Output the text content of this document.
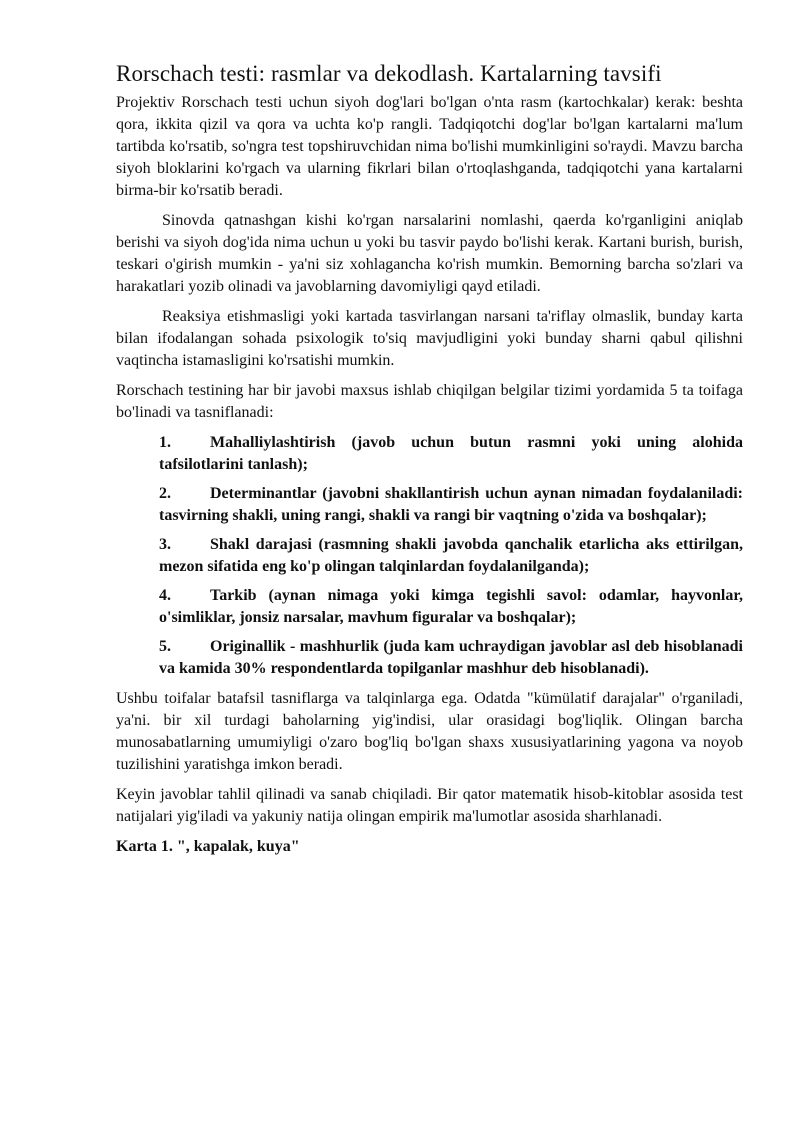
Rorschach testi: rasmlar va dekodlash. Kartalarning tavsifi

Projektiv Rorschach testi uchun siyoh dog'lari bo'lgan o'nta rasm (kartochkalar) kerak: beshta qora, ikkita qizil va qora va uchta ko'p rangli. Tadqiqotchi dog'lar bo'lgan kartalarni ma'lum tartibda ko'rsatib, so'ngra test topshiruvchidan nima bo'lishi mumkinligini so'raydi. Mavzu barcha siyoh bloklarini ko'rgach va ularning fikrlari bilan o'rtoqlashganda, tadqiqotchi yana kartalarni birma-bir ko'rsatib beradi.

Sinovda qatnashgan kishi ko'rgan narsalarini nomlashi, qaerda ko'rganligini aniqlab berishi va siyoh dog'ida nima uchun u yoki bu tasvir paydo bo'lishi kerak. Kartani burish, burish, teskari o'girish mumkin - ya'ni siz xohlagancha ko'rish mumkin. Bemorning barcha so'zlari va harakatlari yozib olinadi va javoblarning davomiyligi qayd etiladi.

Reaksiya etishmasligi yoki kartada tasvirlangan narsani ta'riflay olmaslik, bunday karta bilan ifodalangan sohada psixologik to'siq mavjudligini yoki bunday sharni qabul qilishni vaqtincha istamasligini ko'rsatishi mumkin.

Rorschach testining har bir javobi maxsus ishlab chiqilgan belgilar tizimi yordamida 5 ta toifaga bo'linadi va tasniflanadi:

1. Mahalliylashtirish (javob uchun butun rasmni yoki uning alohida tafsilotlarini tanlash);
2. Determinantlar (javobni shakllantirish uchun aynan nimadan foydalaniladi: tasvirning shakli, uning rangi, shakli va rangi bir vaqtning o'zida va boshqalar);
3. Shakl darajasi (rasmning shakli javobda qanchalik etarlicha aks ettirilgan, mezon sifatida eng ko'p olingan talqinlardan foydalanilganda);
4. Tarkib (aynan nimaga yoki kimga tegishli savol: odamlar, hayvonlar, o'simliklar, jonsiz narsalar, mavhum figuralar va boshqalar);
5. Originallik - mashhurlik (juda kam uchraydigan javoblar asl deb hisoblanadi va kamida 30% respondentlarda topilganlar mashhur deb hisoblanadi).

Ushbu toifalar batafsil tasniflarga va talqinlarga ega. Odatda "kümülatif darajalar" o'rganiladi, ya'ni. bir xil turdagi baholarning yig'indisi, ular orasidagi bog'liqlik. Olingan barcha munosabatlarning umumiyligi o'zaro bog'liq bo'lgan shaxs xususiyatlarining yagona va noyob tuzilishini yaratishga imkon beradi.

Keyin javoblar tahlil qilinadi va sanab chiqiladi. Bir qator matematik hisob-kitoblar asosida test natijalari yig'iladi va yakuniy natija olingan empirik ma'lumotlar asosida sharhlanadi.

Karta 1. ", kapalak, kuya"
